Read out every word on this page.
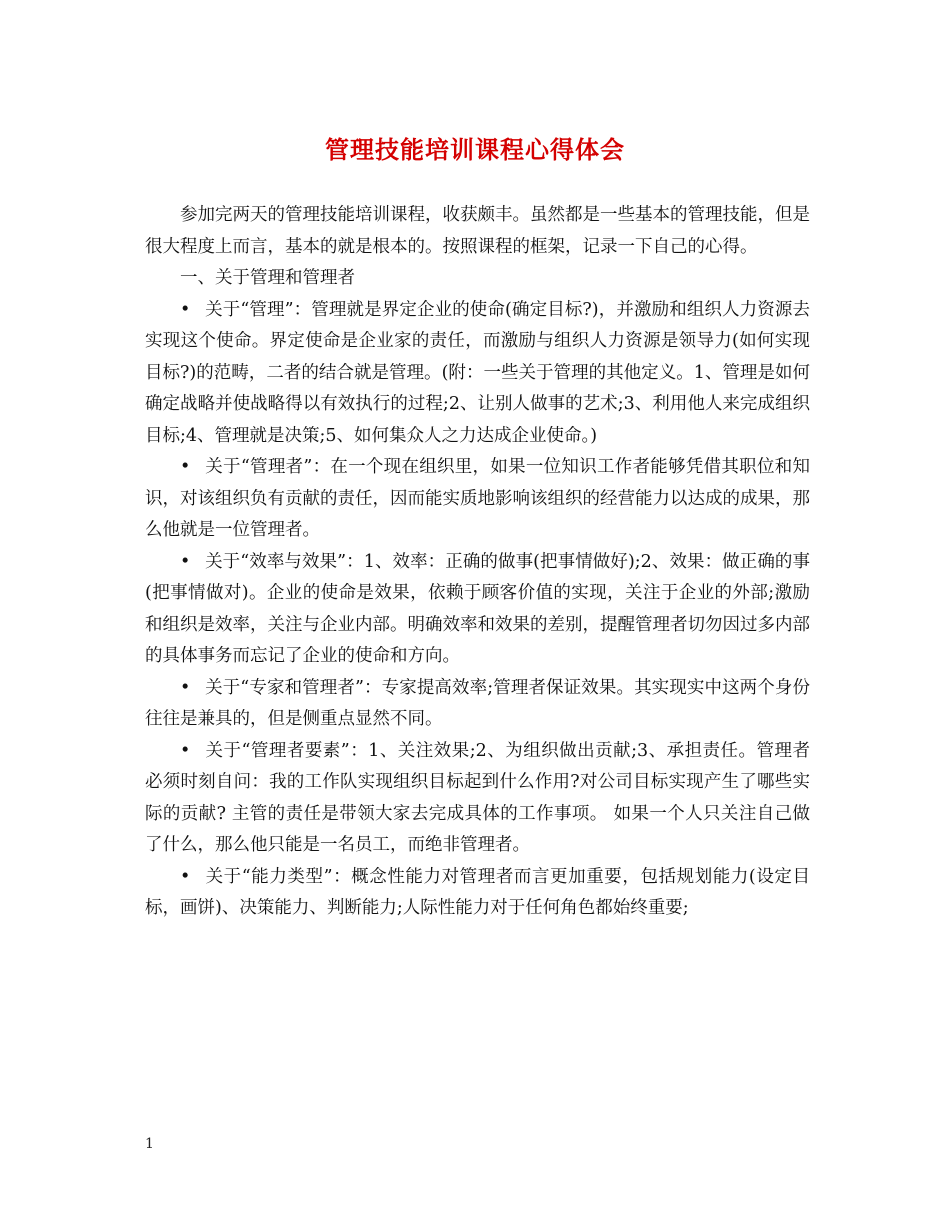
管理技能培训课程心得体会

参加完两天的管理技能培训课程，收获颇丰。虽然都是一些基本的管理技能，但是很大程度上而言，基本的就是根本的。按照课程的框架，记录一下自己的心得。

一、关于管理和管理者

• 关于“管理”：管理就是界定企业的使命(确定目标?)，并激励和组织人力资源去实现这个使命。界定使命是企业家的责任，而激励与组织人力资源是领导力(如何实现目标?)的范畴，二者的结合就是管理。(附：一些关于管理的其他定义。1、管理是如何确定战略并使战略得以有效执行的过程;2、让别人做事的艺术;3、利用他人来完成组织目标;4、管理就是决策;5、如何集众人之力达成企业使命。)

• 关于“管理者”：在一个现在组织里，如果一位知识工作者能够凭借其职位和知识，对该组织负有贡献的责任，因而能实质地影响该组织的经营能力以达成的成果，那么他就是一位管理者。

• 关于“效率与效果”：1、效率：正确的做事(把事情做好);2、效果：做正确的事(把事情做对)。企业的使命是效果，依赖于顾客价值的实现，关注于企业的外部;激励和组织是效率，关注与企业内部。明确效率和效果的差别，提醒管理者切勿因过多内部的具体事务而忘记了企业的使命和方向。

• 关于“专家和管理者”：专家提高效率;管理者保证效果。其实现实中这两个身份往往是兼具的，但是侧重点显然不同。

• 关于“管理者要素”：1、关注效果;2、为组织做出贡献;3、承担责任。管理者必须时刻自问：我的工作队实现组织目标起到什么作用?对公司目标实现产生了哪些实际的贡献? 主管的责任是带领大家去完成具体的工作事项。 如果一个人只关注自己做了什么，那么他只能是一名员工，而绝非管理者。

• 关于“能力类型”：概念性能力对管理者而言更加重要，包括规划能力(设定目标，画饼)、决策能力、判断能力;人际性能力对于任何角色都始终重要;

1
